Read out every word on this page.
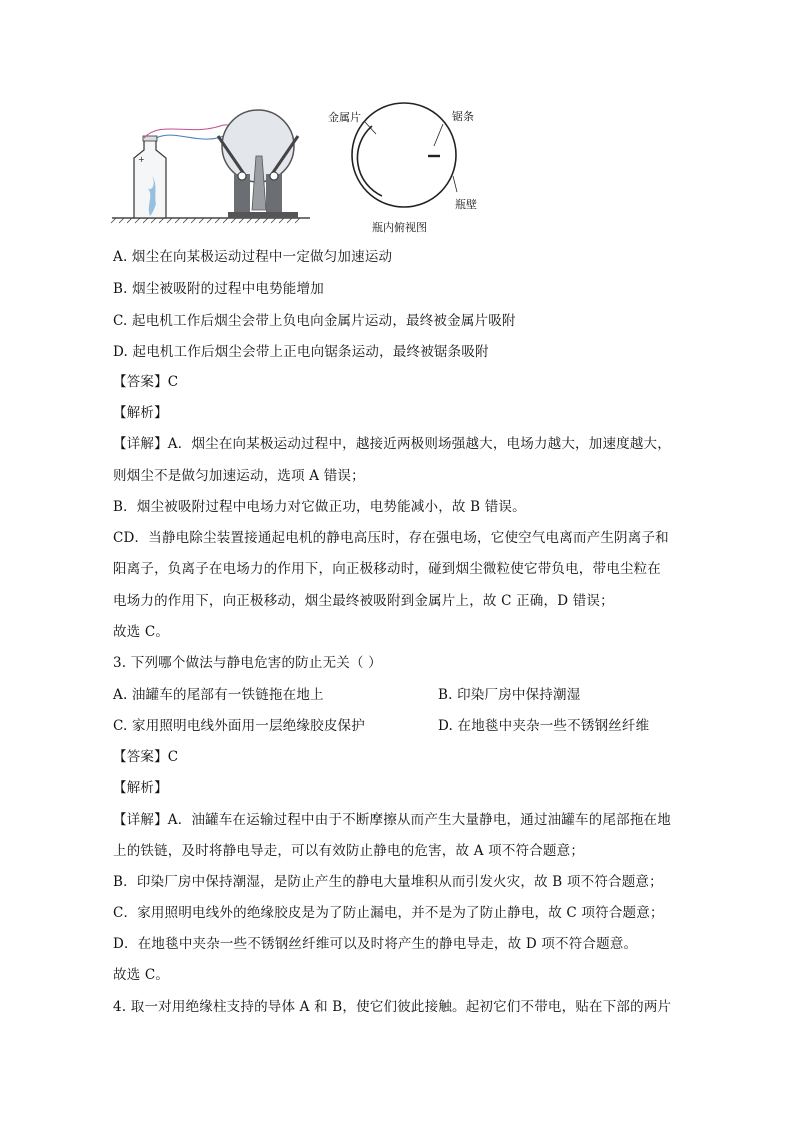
+
金属片	锯条
瓶壁
瓶内俯视图
A. 烟尘在向某极运动过程中一定做匀加速运动
B. 烟尘被吸附的过程中电势能增加
C. 起电机工作后烟尘会带上负电向金属片运动，最终被金属片吸附
D. 起电机工作后烟尘会带上正电向锯条运动，最终被锯条吸附
【答案】C
【解析】
【详解】A．烟尘在向某极运动过程中，越接近两极则场强越大，电场力越大，加速度越大，
则烟尘不是做匀加速运动，选项 A 错误；
B．烟尘被吸附过程中电场力对它做正功，电势能减小，故 B 错误。
CD．当静电除尘装置接通起电机的静电高压时，存在强电场，它使空气电离而产生阴离子和
阳离子，负离子在电场力的作用下，向正极移动时，碰到烟尘微粒使它带负电，带电尘粒在
电场力的作用下，向正极移动，烟尘最终被吸附到金属片上，故 C 正确，D 错误；
故选 C。
3. 下列哪个做法与静电危害的防止无关（ ）
A. 油罐车的尾部有一铁链拖在地上	B. 印染厂房中保持潮湿
C. 家用照明电线外面用一层绝缘胶皮保护	D. 在地毯中夹杂一些不锈钢丝纤维
【答案】C
【解析】
【详解】A．油罐车在运输过程中由于不断摩擦从而产生大量静电，通过油罐车的尾部拖在地
上的铁链，及时将静电导走，可以有效防止静电的危害，故 A 项不符合题意；
B．印染厂房中保持潮湿，是防止产生的静电大量堆积从而引发火灾，故 B 项不符合题意；
C．家用照明电线外的绝缘胶皮是为了防止漏电，并不是为了防止静电，故 C 项符合题意；
D．在地毯中夹杂一些不锈钢丝纤维可以及时将产生的静电导走，故 D 项不符合题意。
故选 C。
4. 取一对用绝缘柱支持的导体 A 和 B，使它们彼此接触。起初它们不带电，贴在下部的两片
